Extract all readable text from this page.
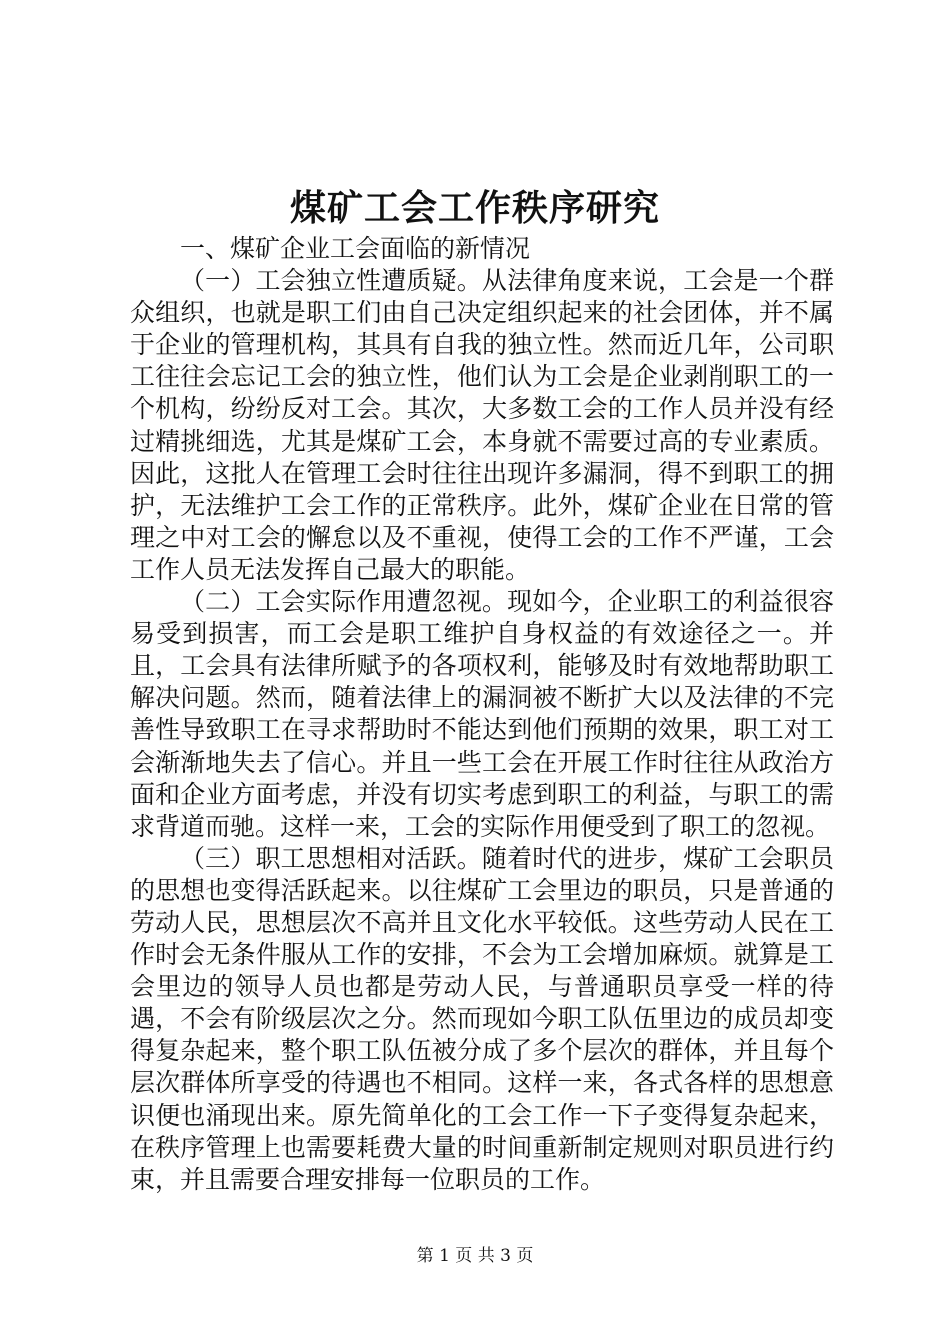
煤矿工会工作秩序研究

一、煤矿企业工会面临的新情况

（一）工会独立性遭质疑。从法律角度来说，工会是一个群众组织，也就是职工们由自己决定组织起来的社会团体，并不属于企业的管理机构，其具有自我的独立性。然而近几年，公司职工往往会忘记工会的独立性，他们认为工会是企业剥削职工的一个机构，纷纷反对工会。其次，大多数工会的工作人员并没有经过精挑细选，尤其是煤矿工会，本身就不需要过高的专业素质。因此，这批人在管理工会时往往出现许多漏洞，得不到职工的拥护，无法维护工会工作的正常秩序。此外，煤矿企业在日常的管理之中对工会的懈怠以及不重视，使得工会的工作不严谨，工会工作人员无法发挥自己最大的职能。

（二）工会实际作用遭忽视。现如今，企业职工的利益很容易受到损害，而工会是职工维护自身权益的有效途径之一。并且，工会具有法律所赋予的各项权利，能够及时有效地帮助职工解决问题。然而，随着法律上的漏洞被不断扩大以及法律的不完善性导致职工在寻求帮助时不能达到他们预期的效果，职工对工会渐渐地失去了信心。并且一些工会在开展工作时往往从政治方面和企业方面考虑，并没有切实考虑到职工的利益，与职工的需求背道而驰。这样一来，工会的实际作用便受到了职工的忽视。

（三）职工思想相对活跃。随着时代的进步，煤矿工会职员的思想也变得活跃起来。以往煤矿工会里边的职员，只是普通的劳动人民，思想层次不高并且文化水平较低。这些劳动人民在工作时会无条件服从工作的安排，不会为工会增加麻烦。就算是工会里边的领导人员也都是劳动人民，与普通职员享受一样的待遇，不会有阶级层次之分。然而现如今职工队伍里边的成员却变得复杂起来，整个职工队伍被分成了多个层次的群体，并且每个层次群体所享受的待遇也不相同。这样一来，各式各样的思想意识便也涌现出来。原先简单化的工会工作一下子变得复杂起来，在秩序管理上也需要耗费大量的时间重新制定规则对职员进行约束，并且需要合理安排每一位职员的工作。

第 1 页 共 3 页
